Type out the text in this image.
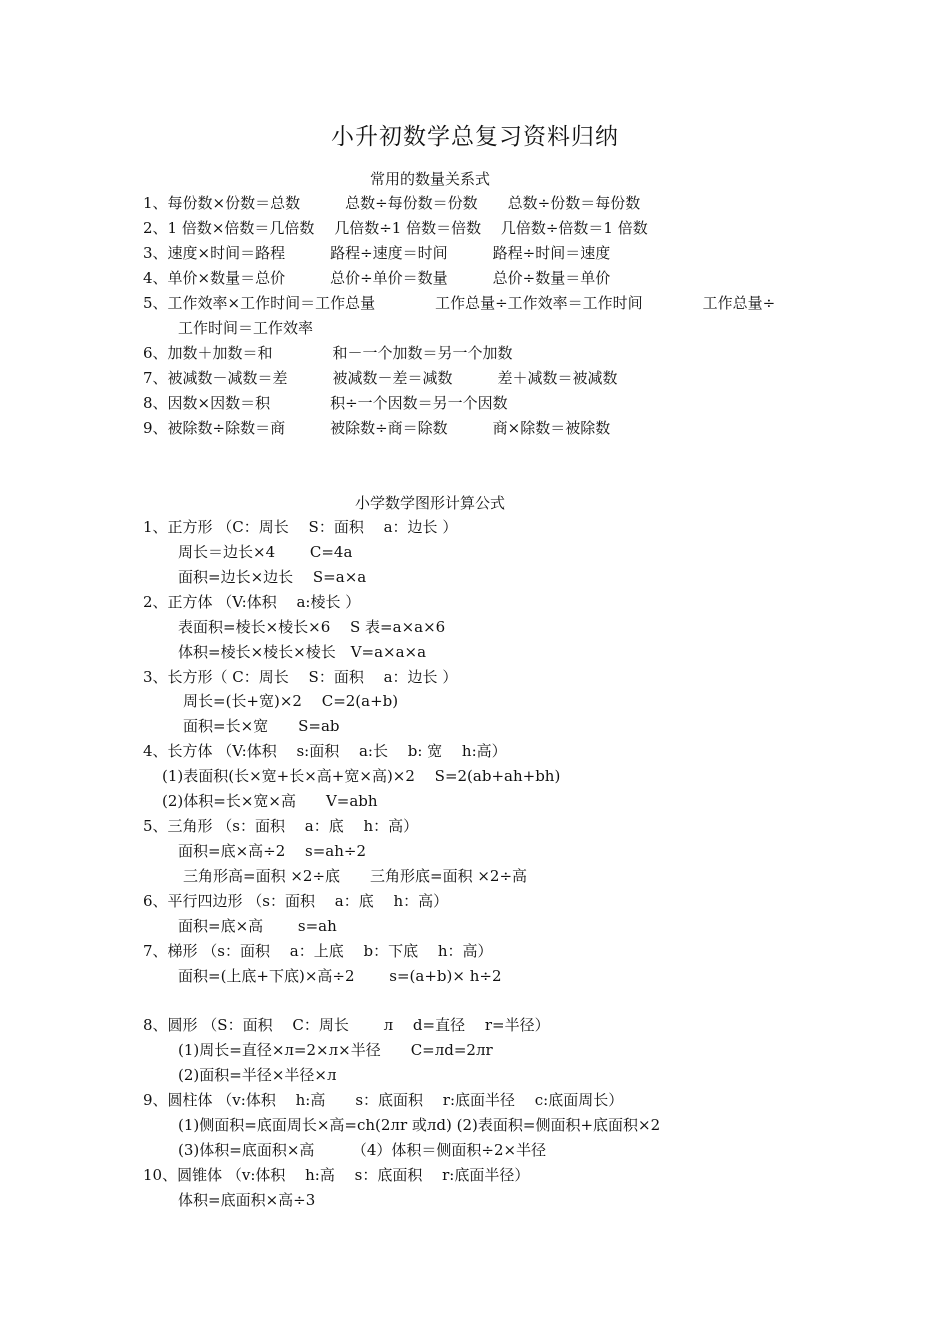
小升初数学总复习资料归纳
常用的数量关系式
1、每份数×份数＝总数　　　总数÷每份数＝份数　　总数÷份数＝每份数
2、1 倍数×倍数＝几倍数　 几倍数÷1 倍数＝倍数　 几倍数÷倍数＝1 倍数
3、速度×时间＝路程　　　路程÷速度＝时间　　　路程÷时间＝速度
4、单价×数量＝总价　　　总价÷单价＝数量　　　总价÷数量＝单价
5、工作效率×工作时间＝工作总量　　　　工作总量÷工作效率＝工作时间　　　　工作总量÷
工作时间＝工作效率
6、加数＋加数＝和　　　　和－一个加数＝另一个加数
7、被减数－减数＝差　　　被减数－差＝减数　　　差＋减数＝被减数
8、因数×因数＝积　　　　积÷一个因数＝另一个因数
9、被除数÷除数＝商　　　被除数÷商＝除数　　　商×除数＝被除数
小学数学图形计算公式
1、正方形 （C：周长　 S：面积　 a：边长 ）
周长＝边长×4　　 C=4a
面积=边长×边长　 S=a×a
2、正方体 （V:体积　 a:棱长 ）
表面积=棱长×棱长×6　 S 表=a×a×6
体积=棱长×棱长×棱长　V=a×a×a
3、长方形（ C：周长　 S：面积　 a：边长 ）
周长=(长+宽)×2　 C=2(a+b)
面积=长×宽　　S=ab
4、长方体 （V:体积　 s:面积　 a:长　 b: 宽　 h:高）
(1)表面积(长×宽+长×高+宽×高)×2　 S=2(ab+ah+bh)
(2)体积=长×宽×高　　V=abh
5、三角形 （s：面积　 a：底　 h：高）
面积=底×高÷2　 s=ah÷2
三角形高=面积 ×2÷底　　三角形底=面积 ×2÷高
6、平行四边形 （s：面积　 a：底　 h：高）
面积=底×高　　 s=ah
7、梯形 （s：面积　 a：上底　 b：下底　 h：高）
面积=(上底+下底)×高÷2　　 s=(a+b)× h÷2
8、圆形 （S：面积　 C：周长　　 л　 d=直径　 r=半径）
(1)周长=直径×л=2×л×半径　　C=лd=2лr
(2)面积=半径×半径×л
9、圆柱体 （v:体积　 h:高　　s：底面积　 r:底面半径　 c:底面周长）
(1)侧面积=底面周长×高=ch(2лr 或лd) (2)表面积=侧面积+底面积×2
(3)体积=底面积×高　　　（4）体积＝侧面积÷2×半径
10、圆锥体 （v:体积　 h:高　 s：底面积　 r:底面半径）
体积=底面积×高÷3
